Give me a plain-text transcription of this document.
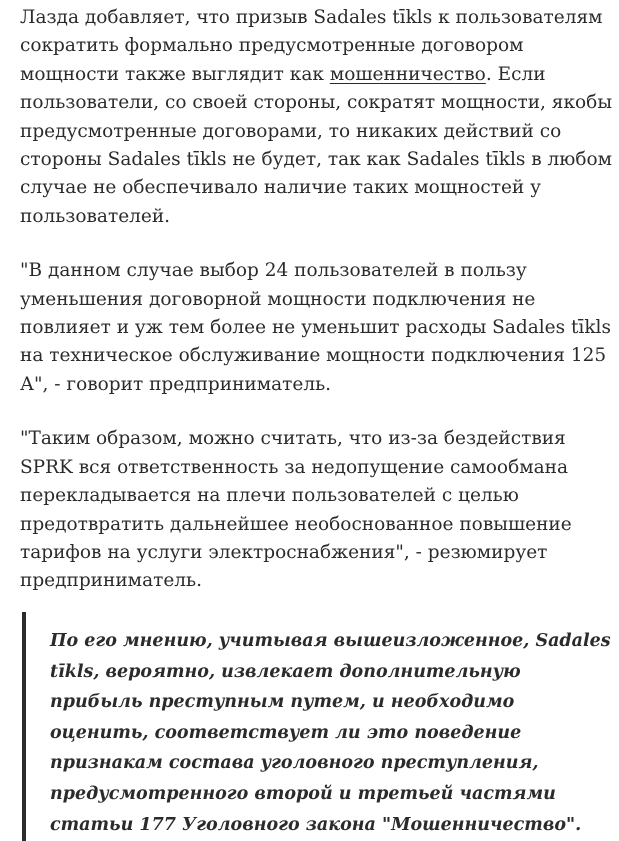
Лазда добавляет, что призыв Sadales tīkls к пользователям сократить формально предусмотренные договором мощности также выглядит как мошенничество. Если пользователи, со своей стороны, сократят мощности, якобы предусмотренные договорами, то никаких действий со стороны Sadales tīkls не будет, так как Sadales tīkls в любом случае не обеспечивало наличие таких мощностей у пользователей.

"В данном случае выбор 24 пользователей в пользу уменьшения договорной мощности подключения не повлияет и уж тем более не уменьшит расходы Sadales tīkls на техническое обслуживание мощности подключения 125 А", - говорит предприниматель.

"Таким образом, можно считать, что из-за бездействия SPRK вся ответственность за недопущение самообмана перекладывается на плечи пользователей с целью предотвратить дальнейшее необоснованное повышение тарифов на услуги электроснабжения", - резюмирует предприниматель.

По его мнению, учитывая вышеизложенное, Sadales tīkls, вероятно, извлекает дополнительную прибыль преступным путем, и необходимо оценить, соответствует ли это поведение признакам состава уголовного преступления, предусмотренного второй и третьей частями статьи 177 Уголовного закона "Мошенничество".
